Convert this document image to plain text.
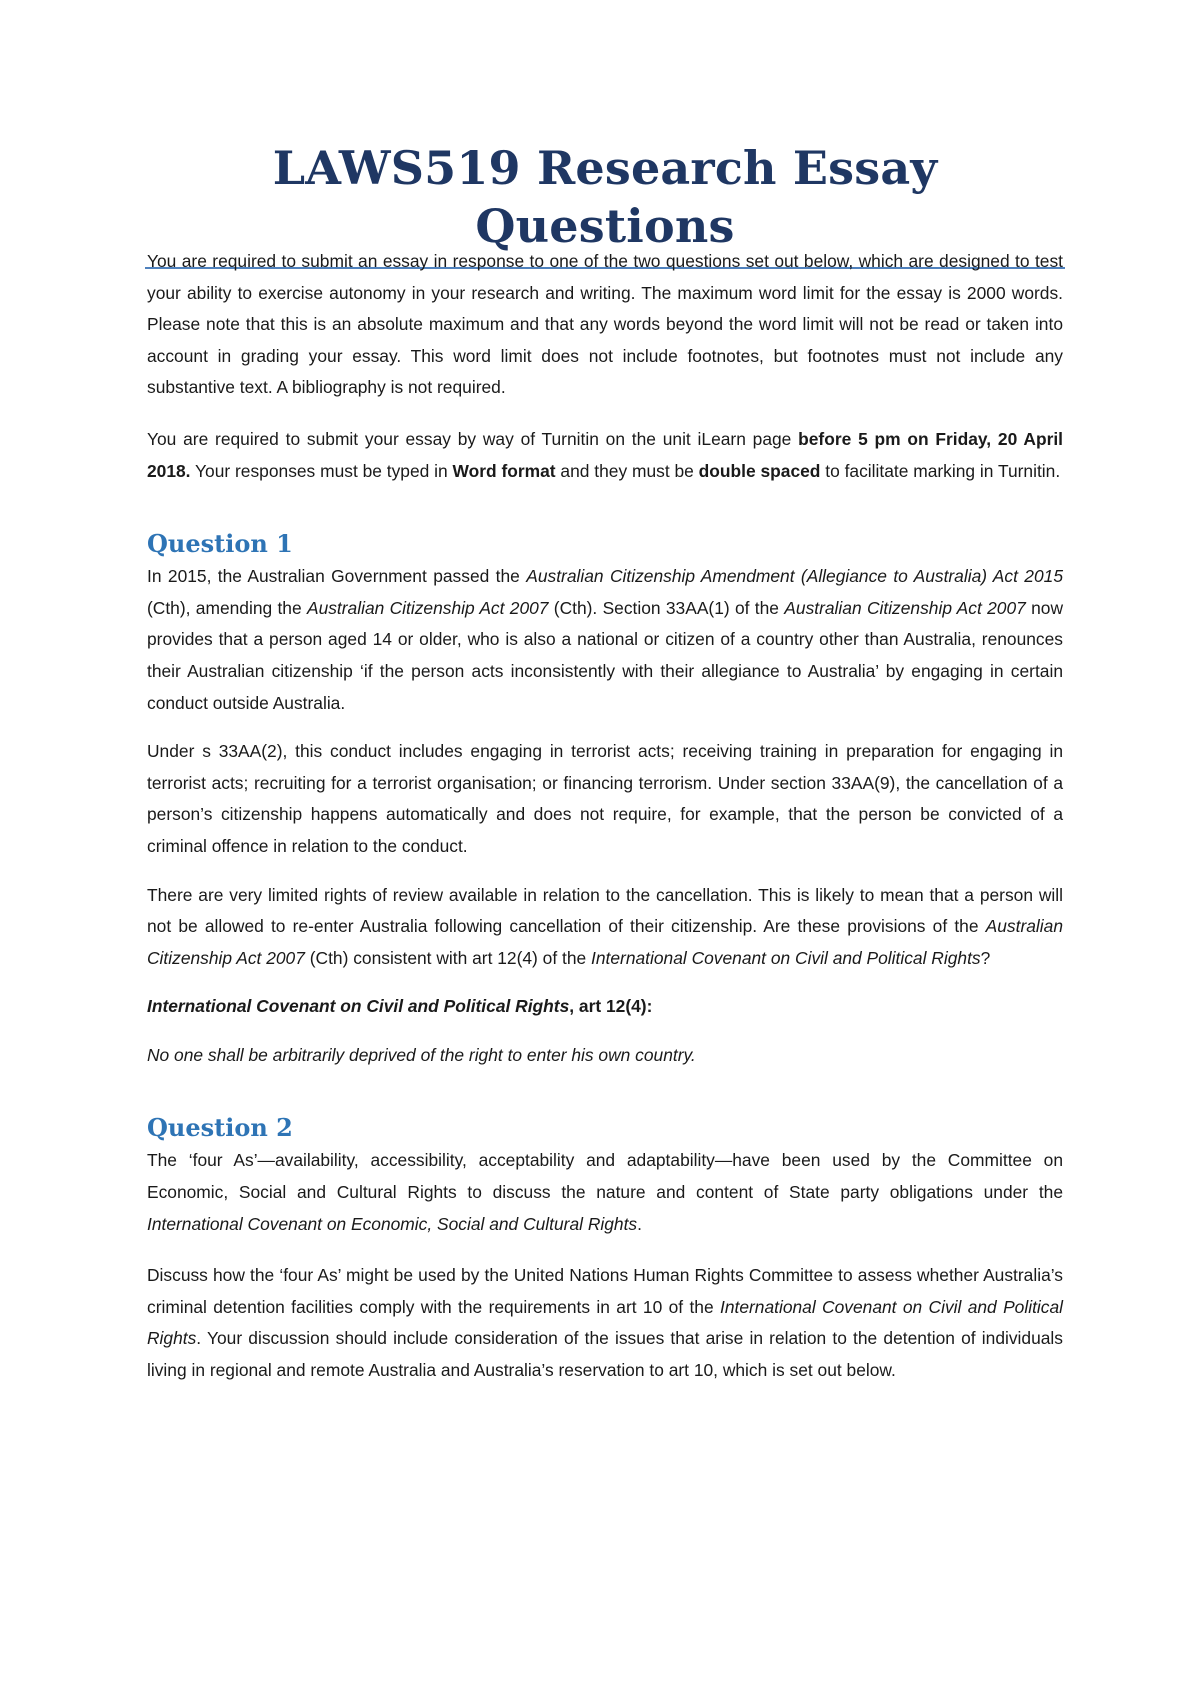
LAWS519 Research Essay Questions

You are required to submit an essay in response to one of the two questions set out below, which are designed to test your ability to exercise autonomy in your research and writing. The maximum word limit for the essay is 2000 words. Please note that this is an absolute maximum and that any words beyond the word limit will not be read or taken into account in grading your essay. This word limit does not include footnotes, but footnotes must not include any substantive text. A bibliography is not required.

You are required to submit your essay by way of Turnitin on the unit iLearn page before 5 pm on Friday, 20 April 2018. Your responses must be typed in Word format and they must be double spaced to facilitate marking in Turnitin.

Question 1

In 2015, the Australian Government passed the Australian Citizenship Amendment (Allegiance to Australia) Act 2015 (Cth), amending the Australian Citizenship Act 2007 (Cth). Section 33AA(1) of the Australian Citizenship Act 2007 now provides that a person aged 14 or older, who is also a national or citizen of a country other than Australia, renounces their Australian citizenship ‘if the person acts inconsistently with their allegiance to Australia’ by engaging in certain conduct outside Australia.

Under s 33AA(2), this conduct includes engaging in terrorist acts; receiving training in preparation for engaging in terrorist acts; recruiting for a terrorist organisation; or financing terrorism. Under section 33AA(9), the cancellation of a person’s citizenship happens automatically and does not require, for example, that the person be convicted of a criminal offence in relation to the conduct.

There are very limited rights of review available in relation to the cancellation. This is likely to mean that a person will not be allowed to re-enter Australia following cancellation of their citizenship. Are these provisions of the Australian Citizenship Act 2007 (Cth) consistent with art 12(4) of the International Covenant on Civil and Political Rights?

International Covenant on Civil and Political Rights, art 12(4):

No one shall be arbitrarily deprived of the right to enter his own country.

Question 2

The ‘four As’—availability, accessibility, acceptability and adaptability—have been used by the Committee on Economic, Social and Cultural Rights to discuss the nature and content of State party obligations under the International Covenant on Economic, Social and Cultural Rights.

Discuss how the ‘four As’ might be used by the United Nations Human Rights Committee to assess whether Australia’s criminal detention facilities comply with the requirements in art 10 of the International Covenant on Civil and Political Rights. Your discussion should include consideration of the issues that arise in relation to the detention of individuals living in regional and remote Australia and Australia’s reservation to art 10, which is set out below.
